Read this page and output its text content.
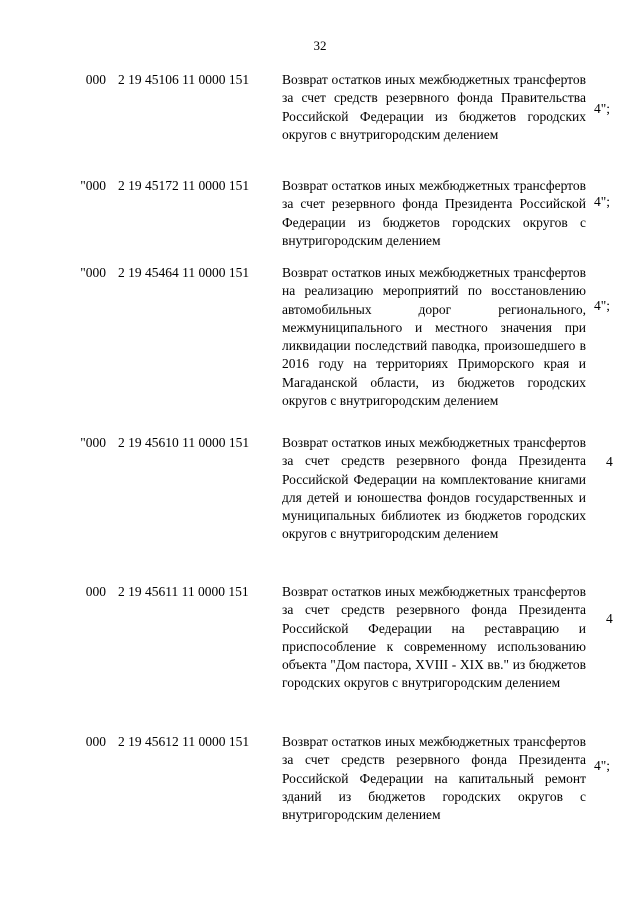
32
000 2 19 45106 11 0000 151 Возврат остатков иных межбюджетных трансфертов за счет средств резервного фонда Правительства Российской Федерации из бюджетов городских округов с внутригородским делением
4";
"000 2 19 45172 11 0000 151 Возврат остатков иных межбюджетных трансфертов за счет резервного фонда Президента Российской Федерации из бюджетов городских округов с внутригородским делением
4";
"000 2 19 45464 11 0000 151 Возврат остатков иных межбюджетных трансфертов на реализацию мероприятий по восстановлению автомобильных дорог регионального, межмуниципального и местного значения при ликвидации последствий паводка, произошедшего в 2016 году на территориях Приморского края и Магаданской области, из бюджетов городских округов с внутригородским делением
4";
"000 2 19 45610 11 0000 151 Возврат остатков иных межбюджетных трансфертов за счет средств резервного фонда Президента Российской Федерации на комплектование книгами для детей и юношества фондов государственных и муниципальных библиотек из бюджетов городских округов с внутригородским делением
4
000 2 19 45611 11 0000 151 Возврат остатков иных межбюджетных трансфертов за счет средств резервного фонда Президента Российской Федерации на реставрацию и приспособление к современному использованию объекта "Дом пастора, XVIII - XIX вв." из бюджетов городских округов с внутригородским делением
4
000 2 19 45612 11 0000 151 Возврат остатков иных межбюджетных трансфертов за счет средств резервного фонда Президента Российской Федерации на капитальный ремонт зданий из бюджетов городских округов с внутригородским делением
4";
